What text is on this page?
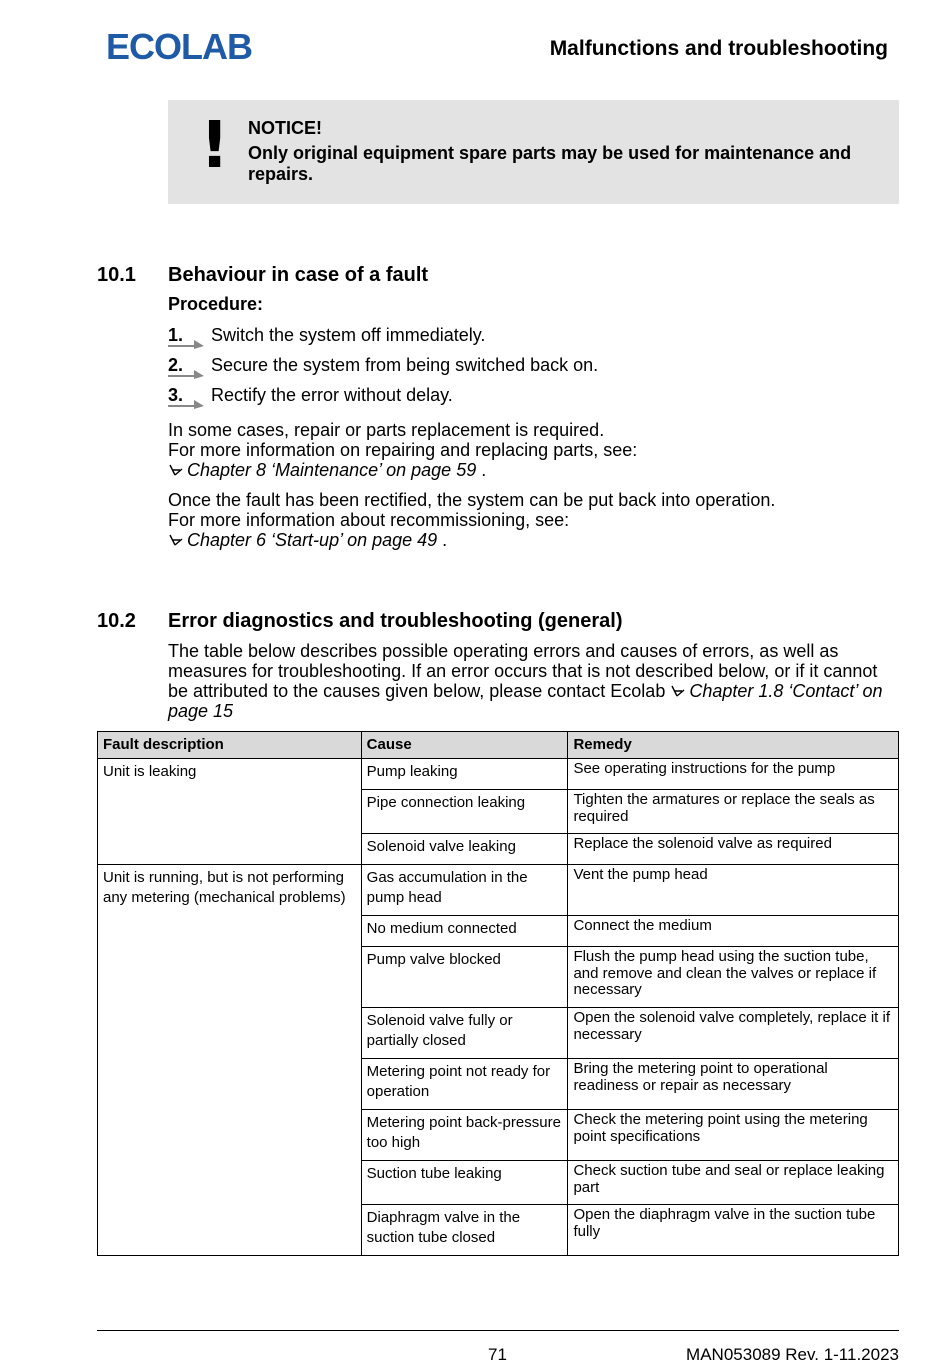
ECOLAB	Malfunctions and troubleshooting
! NOTICE!
Only original equipment spare parts may be used for maintenance and repairs.
10.1 Behaviour in case of a fault
Procedure:
1. Switch the system off immediately.
2. Secure the system from being switched back on.
3. Rectify the error without delay.
In some cases, repair or parts replacement is required.
For more information on repairing and replacing parts, see:
Chapter 8 ‘Maintenance’ on page 59 .
Once the fault has been rectified, the system can be put back into operation.
For more information about recommissioning, see:
Chapter 6 ‘Start-up’ on page 49 .
10.2 Error diagnostics and troubleshooting (general)
The table below describes possible operating errors and causes of errors, as well as measures for troubleshooting. If an error occurs that is not described below, or if it cannot be attributed to the causes given below, please contact Ecolab Chapter 1.8 ‘Contact’ on page 15
Fault description	Cause	Remedy
Unit is leaking	Pump leaking	See operating instructions for the pump
	Pipe connection leaking	Tighten the armatures or replace the seals as required
	Solenoid valve leaking	Replace the solenoid valve as required
Unit is running, but is not performing any metering (mechanical problems)	Gas accumulation in the pump head	Vent the pump head
	No medium connected	Connect the medium
	Pump valve blocked	Flush the pump head using the suction tube, and remove and clean the valves or replace if necessary
	Solenoid valve fully or partially closed	Open the solenoid valve completely, replace it if necessary
	Metering point not ready for operation	Bring the metering point to operational readiness or repair as necessary
	Metering point back-pressure too high	Check the metering point using the metering point specifications
	Suction tube leaking	Check suction tube and seal or replace leaking part
	Diaphragm valve in the suction tube closed	Open the diaphragm valve in the suction tube fully
71	MAN053089 Rev. 1-11.2023
